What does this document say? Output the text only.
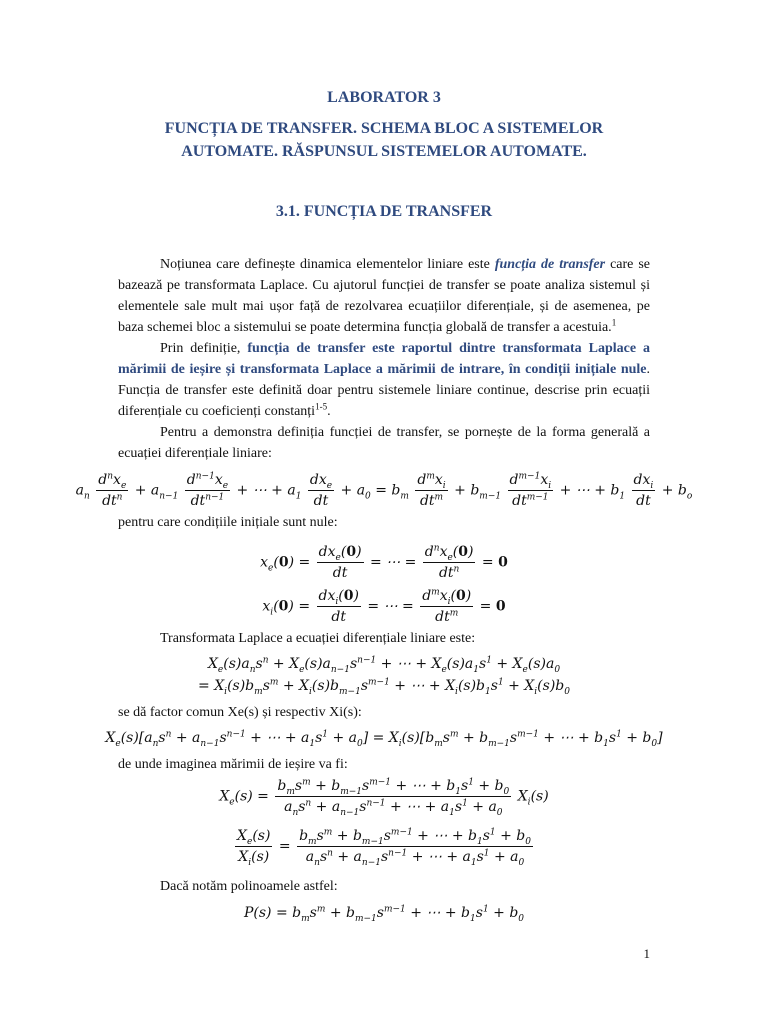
LABORATOR 3
FUNCȚIA DE TRANSFER. SCHEMA BLOC A SISTEMELOR
AUTOMATE. RĂSPUNSUL SISTEMELOR AUTOMATE.
3.1. FUNCȚIA DE TRANSFER
Noțiunea care definește dinamica elementelor liniare este funcția de transfer care se bazează pe transformata Laplace. Cu ajutorul funcției de transfer se poate analiza sistemul și elementele sale mult mai ușor față de rezolvarea ecuațiilor diferențiale, și de asemenea, pe baza schemei bloc a sistemului se poate determina funcția globală de transfer a acestuia.$^1$
Prin definiție, funcția de transfer este raportul dintre transformata Laplace a mărimii de ieșire și transformata Laplace a mărimii de intrare, în condiții inițiale nule. Funcția de transfer este definită doar pentru sistemele liniare continue, descrise prin ecuații diferențiale cu coeficienți constanți$^{1-5}$.
Pentru a demonstra definiția funcției de transfer, se pornește de la forma generală a ecuației diferențiale liniare:
$a_n \frac{d^nx_e}{dt^n} + a_{n-1} \frac{d^{n-1}x_e}{dt^{n-1}}$ + ⋯ + $a_1 \frac{dx_e}{dt} + a_0 = b_m \frac{d^mx_i}{dt^m} + b_{m-1} \frac{d^{m-1}x_i}{dt^{m-1}}$ + ⋯ + $b_1 \frac{dx_i}{dt} + b_o$
pentru care condițiile inițiale sunt nule:
$x_e(0) = \frac{dx_e(0)}{dt}$ = ⋯ = $\frac{d^nx_e(0)}{dt^n} = 0$
$x_i(0) = \frac{dx_i(0)}{dt}$ = ⋯ = $\frac{d^mx_i(0)}{dt^m} = 0$
Transformata Laplace a ecuației diferențiale liniare este:
$X_e(s)a_ns^n + X_e(s)a_{n-1}s^{n-1}$ + ⋯ + $X_e(s)a_1s^1 + X_e(s)a_0$
= $X_i(s)b_ms^m + X_i(s)b_{m-1}s^{m-1}$ + ⋯ + $X_i(s)b_1s^1 + X_i(s)b_0$
se dă factor comun Xe(s) și respectiv Xi(s):
$X_e(s)[a_ns^n + a_{n-1}s^{n-1}$ + ⋯ + $a_1s^1 + a_0] = X_i(s)[b_ms^m + b_{m-1}s^{m-1}$ + ⋯ + $b_1s^1 + b_0$]
de unde imaginea mărimii de ieșire va fi:
$X_e(s) = \frac{b_ms^m + b_{m-1}s^{m-1} + \cdots + b_1s^1 + b_0}{a_ns^n + a_{n-1}s^{n-1} + \cdots + a_1s^1 + a_0} X_i(s)$
$\frac{X_e(s)}{X_i(s)} = \frac{b_ms^m + b_{m-1}s^{m-1} + \cdots + b_1s^1 + b_0}{a_ns^n + a_{n-1}s^{n-1} + \cdots + a_1s^1 + a_0}$
Dacă notăm polinoamele astfel:
$P(s) = b_ms^m + b_{m-1}s^{m-1}$ + ⋯ + $b_1s^1 + b_0$
1
